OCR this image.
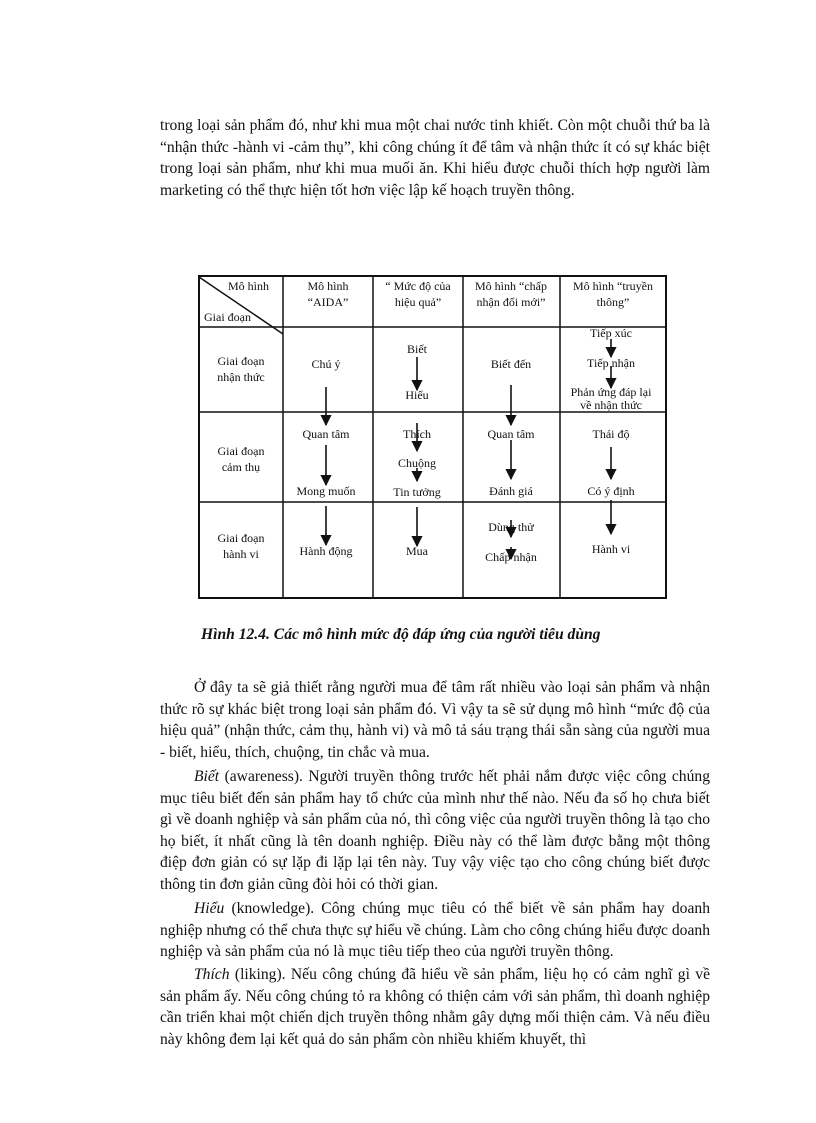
trong loại sản phẩm đó, như khi mua một chai nước tinh khiết. Còn một chuỗi thứ ba là “nhận thức -hành vi -cảm thụ”, khi công chúng ít để tâm và nhận thức ít có sự khác biệt trong loại sản phẩm, như khi mua muối ăn. Khi hiểu được chuỗi thích hợp người làm marketing có thể thực hiện tốt hơn việc lập kế hoạch truyền thông.

Mô hình
Giai đoạn
Mô hình
“AIDA”
“ Mức độ của
hiệu quả”
Mô hình “chấp
nhận đổi mới”
Mô hình “truyền
thông”
Giai đoạn
nhận thức
Giai đoạn
cảm thụ
Giai đoạn
hành vi
Chú ý
Quan tâm
Mong muốn
Hành động
Biết
Hiểu
Thích
Chuộng
Tin tưởng
Mua
Biết đến
Quan tâm
Đánh giá
Dùng thử
Chấp nhận
Tiếp xúc
Tiếp nhận
Phản ứng đáp lại
về nhận thức
Thái độ
Có ý định
Hành vi

Hình 12.4. Các mô hình mức độ đáp ứng của người tiêu dùng

Ở đây ta sẽ giả thiết rằng người mua để tâm rất nhiều vào loại sản phẩm và nhận thức rõ sự khác biệt trong loại sản phẩm đó. Vì vậy ta sẽ sử dụng mô hình “mức độ của hiệu quả” (nhận thức, cảm thụ, hành vi) và mô tả sáu trạng thái sẵn sàng của người mua - biết, hiểu, thích, chuộng, tin chắc và mua.

Biết (awareness). Người truyền thông trước hết phải nắm được việc công chúng mục tiêu biết đến sản phẩm hay tổ chức của mình như thế nào. Nếu đa số họ chưa biết gì về doanh nghiệp và sản phẩm của nó, thì công việc của người truyền thông là tạo cho họ biết, ít nhất cũng là tên doanh nghiệp. Điều này có thể làm được bằng một thông điệp đơn giản có sự lặp đi lặp lại tên này. Tuy vậy việc tạo cho công chúng biết được thông tin đơn giản cũng đòi hỏi có thời gian.

Hiểu (knowledge). Công chúng mục tiêu có thể biết về sản phẩm hay doanh nghiệp nhưng có thể chưa thực sự hiểu về chúng. Làm cho công chúng hiểu được doanh nghiệp và sản phẩm của nó là mục tiêu tiếp theo của người truyền thông.

Thích (liking). Nếu công chúng đã hiểu về sản phẩm, liệu họ có cảm nghĩ gì về sản phẩm ấy. Nếu công chúng tỏ ra không có thiện cảm với sản phẩm, thì doanh nghiệp cần triển khai một chiến dịch truyền thông nhằm gây dựng mối thiện cảm. Và nếu điều này không đem lại kết quả do sản phẩm còn nhiều khiếm khuyết, thì
